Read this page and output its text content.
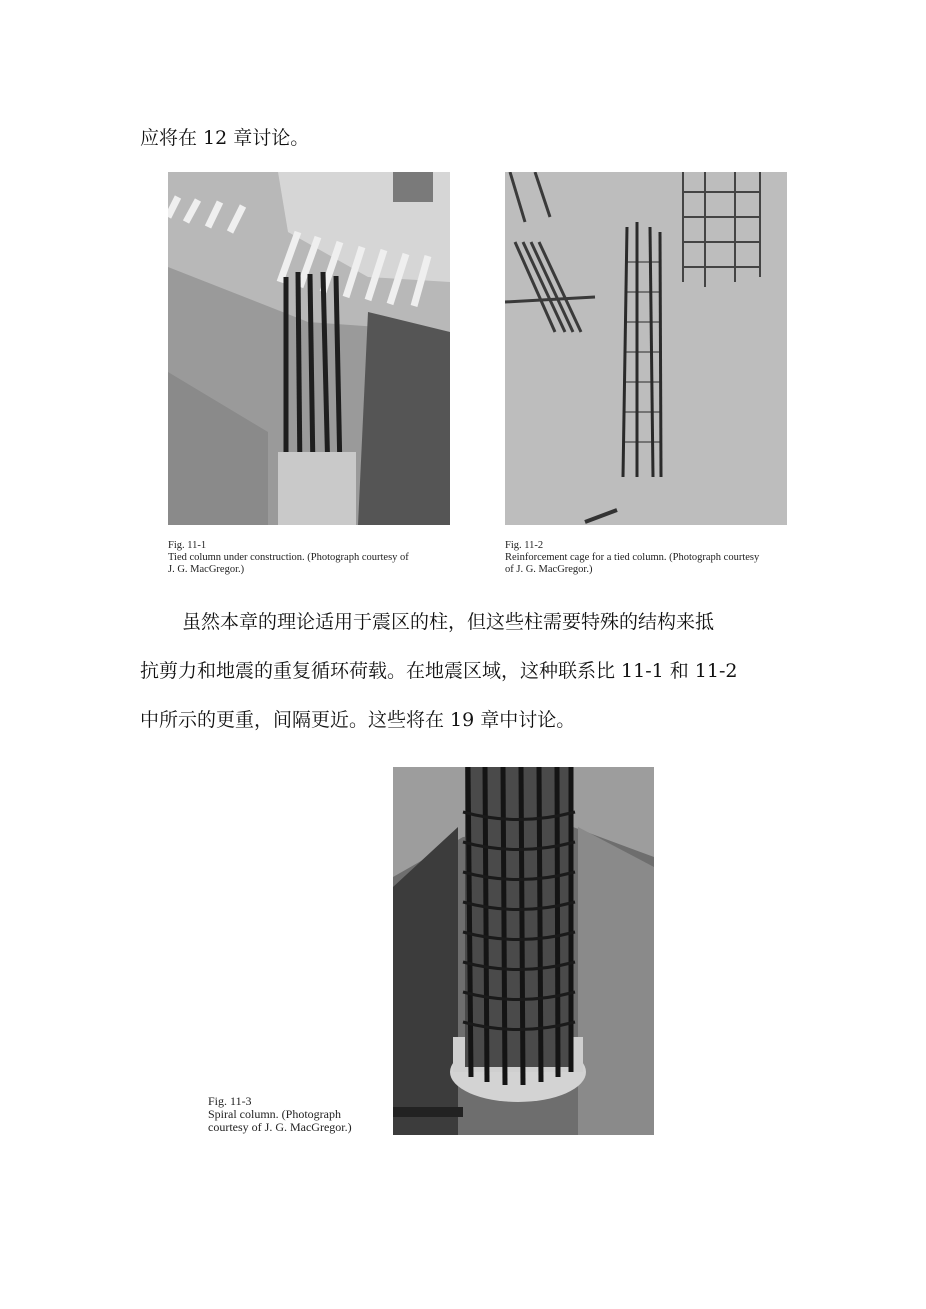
应将在 12 章讨论。
Fig. 11-1
Tied column under construction. (Photograph courtesy of
J. G. MacGregor.)
Fig. 11-2
Reinforcement cage for a tied column. (Photograph courtesy
of J. G. MacGregor.)
虽然本章的理论适用于震区的柱，但这些柱需要特殊的结构来抵
抗剪力和地震的重复循环荷载。在地震区域，这种联系比 11-1 和 11-2
中所示的更重，间隔更近。这些将在 19 章中讨论。
Fig. 11-3
Spiral column. (Photograph
courtesy of J. G. MacGregor.)
